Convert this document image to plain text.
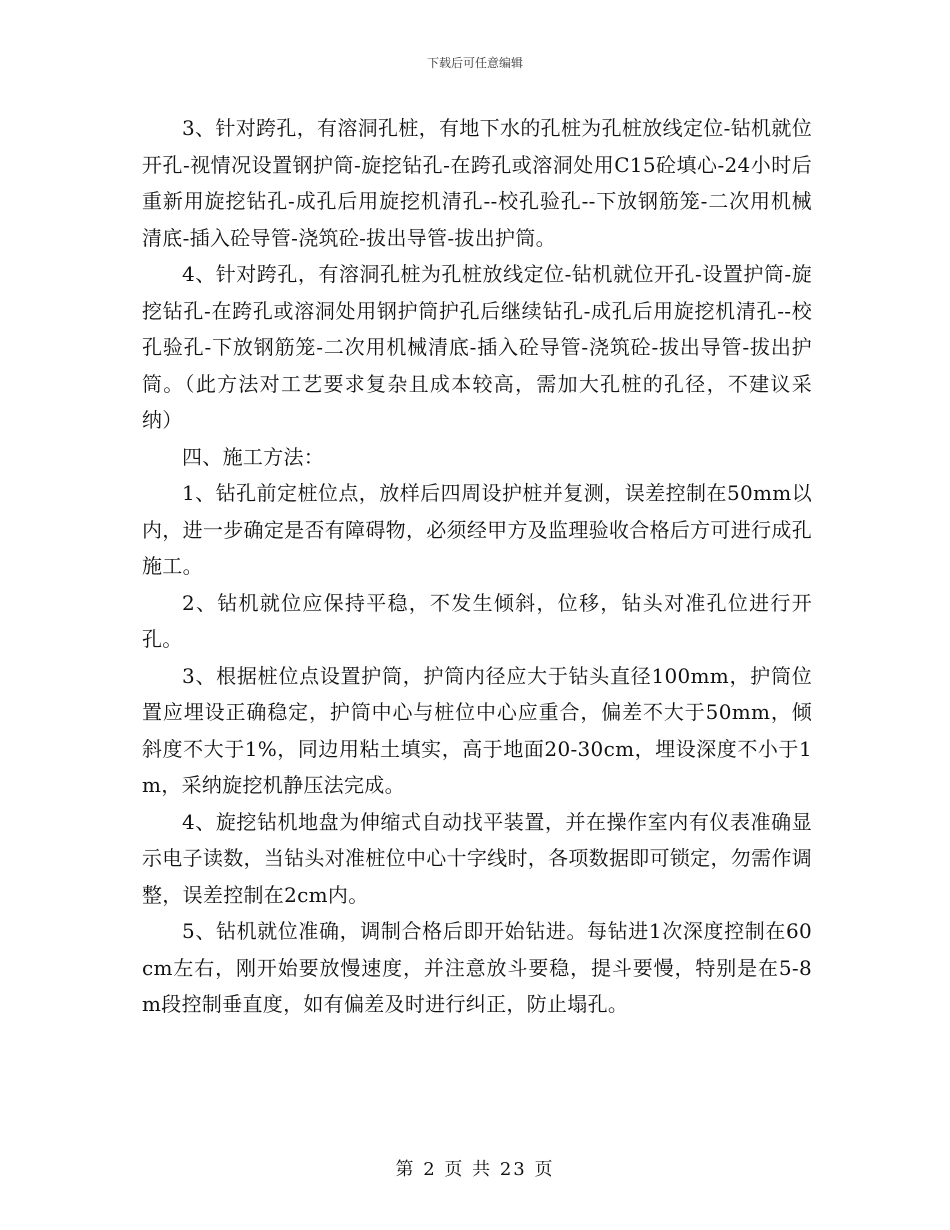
下载后可任意编辑

3、针对跨孔，有溶洞孔桩，有地下水的孔桩为孔桩放线定位-钻机就位开孔-视情况设置钢护筒-旋挖钻孔-在跨孔或溶洞处用C15砼填心-24小时后重新用旋挖钻孔-成孔后用旋挖机清孔--校孔验孔--下放钢筋笼-二次用机械清底-插入砼导管-浇筑砼-拔出导管-拔出护筒。

4、针对跨孔，有溶洞孔桩为孔桩放线定位-钻机就位开孔-设置护筒-旋挖钻孔-在跨孔或溶洞处用钢护筒护孔后继续钻孔-成孔后用旋挖机清孔--校孔验孔-下放钢筋笼-二次用机械清底-插入砼导管-浇筑砼-拔出导管-拔出护筒。（此方法对工艺要求复杂且成本较高，需加大孔桩的孔径，不建议采纳）

四、施工方法：

1、钻孔前定桩位点，放样后四周设护桩并复测，误差控制在50mm以内，进一步确定是否有障碍物，必须经甲方及监理验收合格后方可进行成孔施工。

2、钻机就位应保持平稳，不发生倾斜，位移，钻头对准孔位进行开孔。

3、根据桩位点设置护筒，护筒内径应大于钻头直径100mm，护筒位置应埋设正确稳定，护筒中心与桩位中心应重合，偏差不大于50mm，倾斜度不大于1%，同边用粘土填实，高于地面20-30cm，埋设深度不小于1m，采纳旋挖机静压法完成。

4、旋挖钻机地盘为伸缩式自动找平装置，并在操作室内有仪表准确显示电子读数，当钻头对准桩位中心十字线时，各项数据即可锁定，勿需作调整，误差控制在2cm内。

5、钻机就位准确，调制合格后即开始钻进。每钻进1次深度控制在60cm左右，刚开始要放慢速度，并注意放斗要稳，提斗要慢，特别是在5-8m段控制垂直度，如有偏差及时进行纠正，防止塌孔。

第 2 页 共 23 页
